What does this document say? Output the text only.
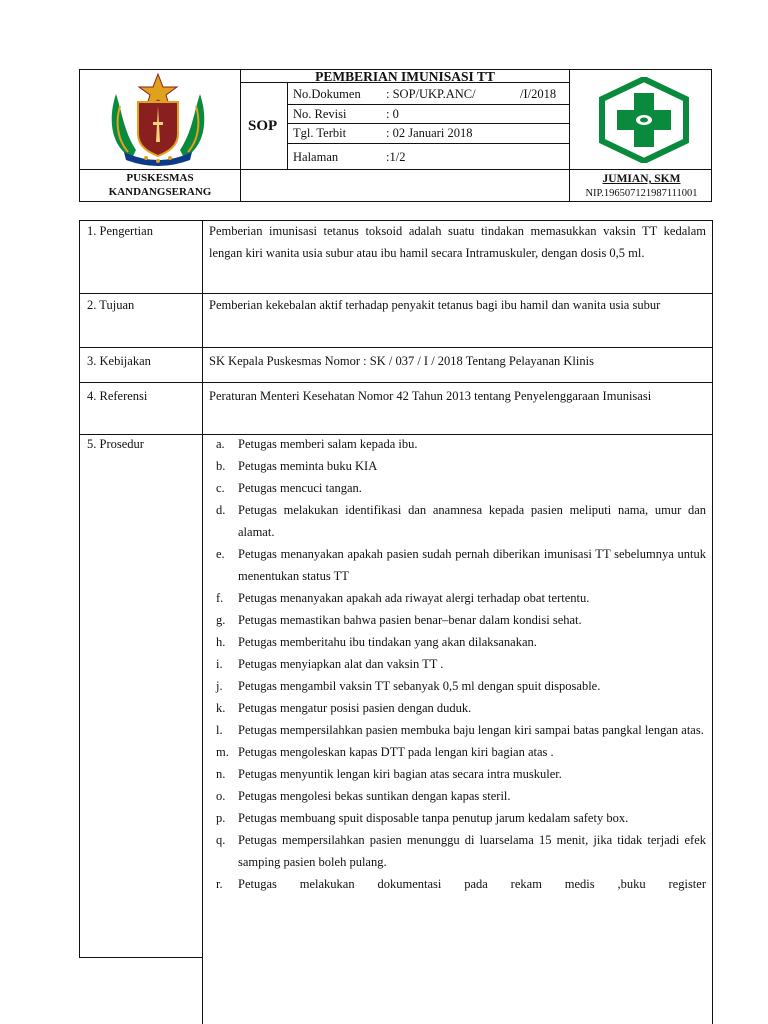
SOP
PEMBERIAN IMUNISASI TT
No.Dokumen : SOP/UKP.ANC/	/I/2018
No. Revisi	: 0
Tgl. Terbit	: 02 Januari 2018
Halaman	:1/2
PUSKESMAS
KANDANGSERANG
JUMIAN, SKM
NIP.196507121987111001
1. Pengertian	Pemberian imunisasi tetanus toksoid adalah suatu tindakan memasukkan vaksin TT kedalam lengan kiri wanita usia subur atau ibu hamil secara Intramuskuler, dengan dosis 0,5 ml.
2. Tujuan	Pemberian kekebalan aktif terhadap penyakit tetanus bagi ibu hamil dan wanita usia subur
3. Kebijakan	SK Kepala Puskesmas Nomor : SK / 037 / I / 2018 Tentang Pelayanan Klinis
4. Referensi	Peraturan Menteri Kesehatan Nomor 42 Tahun 2013 tentang Penyelenggaraan Imunisasi
5. Prosedur	a. Petugas memberi salam kepada ibu.
b. Petugas meminta buku KIA
c. Petugas mencuci tangan.
d. Petugas melakukan identifikasi dan anamnesa kepada pasien meliputi nama, umur dan alamat.
e. Petugas menanyakan apakah pasien sudah pernah diberikan imunisasi TT sebelumnya untuk menentukan status TT
f. Petugas menanyakan apakah ada riwayat alergi terhadap obat tertentu.
g. Petugas memastikan bahwa pasien benar–benar dalam kondisi sehat.
h. Petugas memberitahu ibu tindakan yang akan dilaksanakan.
i. Petugas menyiapkan alat dan vaksin TT .
j. Petugas mengambil vaksin TT sebanyak 0,5 ml dengan spuit disposable.
k. Petugas mengatur posisi pasien dengan duduk.
l. Petugas mempersilahkan pasien membuka baju lengan kiri sampai batas pangkal lengan atas.
m. Petugas mengoleskan kapas DTT pada lengan kiri bagian atas .
n. Petugas menyuntik lengan kiri bagian atas secara intra muskuler.
o. Petugas mengolesi bekas suntikan dengan kapas steril.
p. Petugas membuang spuit disposable tanpa penutup jarum kedalam safety box.
q. Petugas mempersilahkan pasien menunggu di luarselama 15 menit, jika tidak terjadi efek samping pasien boleh pulang.
r. Petugas melakukan dokumentasi pada rekam medis ,buku register
